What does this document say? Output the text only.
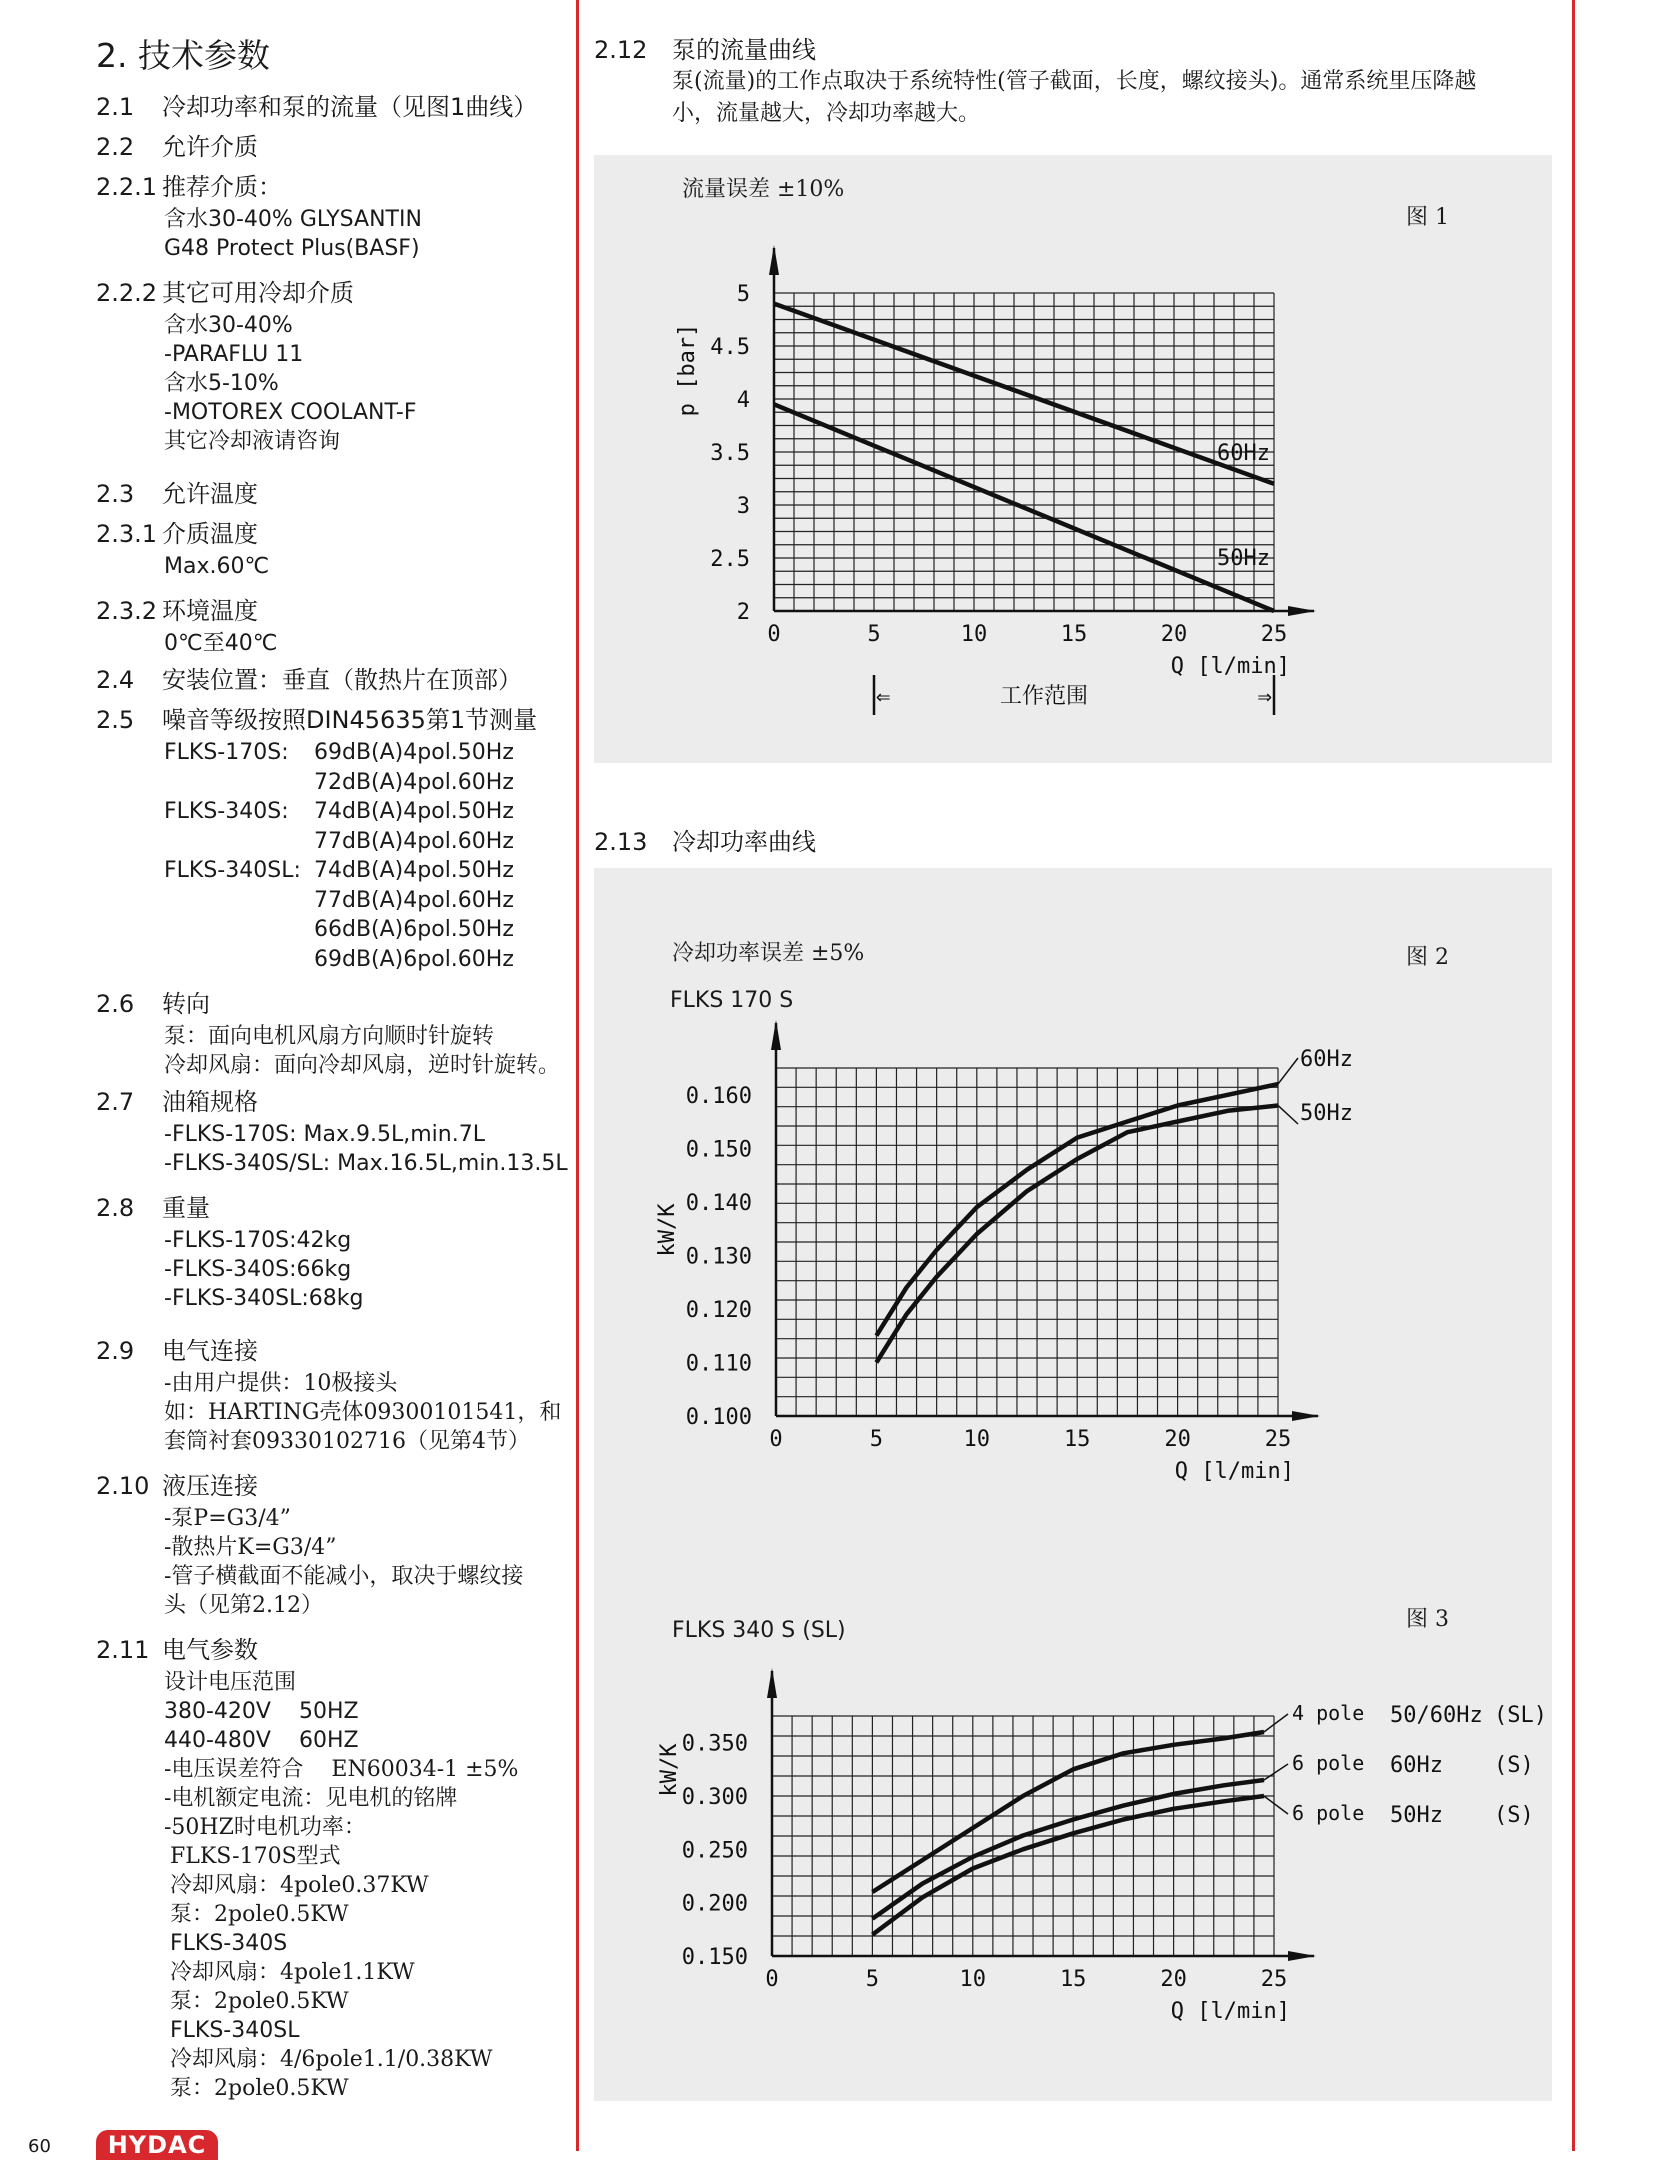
2. 技术参数
2.1 冷却功率和泵的流量（见图1曲线）
2.2 允许介质
2.2.1 推荐介质：
含水30-40% GLYSANTIN
G48 Protect Plus(BASF)
2.2.2 其它可用冷却介质
含水30-40%
-PARAFLU 11
含水5-10%
-MOTOREX COOLANT-F
其它冷却液请咨询
2.3 允许温度
2.3.1 介质温度
Max.60℃
2.3.2 环境温度
0℃至40℃
2.4 安装位置：垂直（散热片在顶部）
2.5 噪音等级按照DIN45635第1节测量
FLKS-170S: 69dB(A)4pol.50Hz
72dB(A)4pol.60Hz
FLKS-340S: 74dB(A)4pol.50Hz
77dB(A)4pol.60Hz
FLKS-340SL: 74dB(A)4pol.50Hz
77dB(A)4pol.60Hz
66dB(A)6pol.50Hz
69dB(A)6pol.60Hz
2.6 转向
泵：面向电机风扇方向顺时针旋转
冷却风扇：面向冷却风扇，逆时针旋转。
2.7 油箱规格
-FLKS-170S: Max.9.5L,min.7L
-FLKS-340S/SL: Max.16.5L,min.13.5L
2.8 重量
-FLKS-170S:42kg
-FLKS-340S:66kg
-FLKS-340SL:68kg
2.9 电气连接
-由用户提供：10极接头
如：HARTING壳体09300101541，和
套筒衬套09330102716（见第4节）
2.10 液压连接
-泵P=G3/4”
-散热片K=G3/4”
-管子横截面不能减小，取决于螺纹接
头（见第2.12）
2.11 电气参数
设计电压范围
380-420V    50HZ
440-480V    60HZ
-电压误差符合    EN60034-1 ±5%
-电机额定电流：见电机的铭牌
-50HZ时电机功率：
FLKS-170S型式
冷却风扇：4pole0.37KW
泵：2pole0.5KW
FLKS-340S
冷却风扇：4pole1.1KW
泵：2pole0.5KW
FLKS-340SL
冷却风扇：4/6pole1.1/0.38KW
泵：2pole0.5KW
2.12 泵的流量曲线
泵(流量)的工作点取决于系统特性(管子截面，长度，螺纹接头)。通常系统里压降越
小，流量越大，冷却功率越大。
流量误差 ±10%
图 1
0	5	10	15	20	25
2
2.5
3
3.5
4
4.5
5
Q [l/min]
p [bar]
60Hz
50Hz
⇐	⇒
工作范围
2.13 冷却功率曲线
冷却功率误差 ±5%	图 2
FLKS 170 S
0	5	10	15	20	25
0.100
0.110
0.120
0.130
0.140
0.150
0.160
Q [l/min]
kW/K
60Hz
50Hz
图 3
FLKS 340 S (SL)
0	5	10	15	20	25
0.150
0.200
0.250
0.300
0.350
Q [l/min]
kW/K
4 pole 50/60Hz (SL)
6 pole 60Hz (S)
6 pole 50Hz (S)
60	HYDAC
